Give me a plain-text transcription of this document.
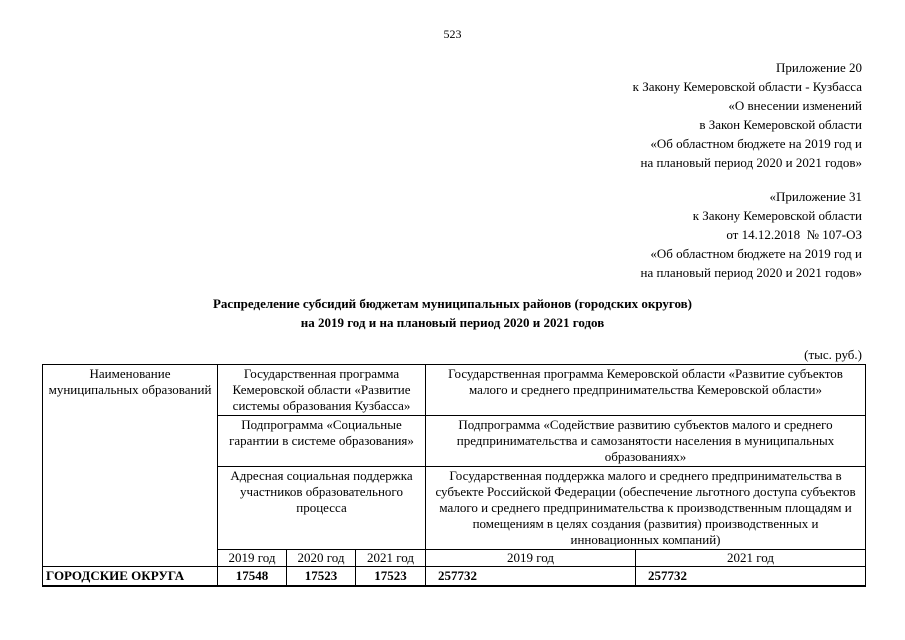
523
Приложение 20
к Закону Кемеровской области - Кузбасса
«О внесении изменений
в Закон Кемеровской области
«Об областном бюджете на 2019 год и
на плановый период 2020 и 2021 годов»
«Приложение 31
к Закону Кемеровской области
от 14.12.2018  № 107-ОЗ
«Об областном бюджете на 2019 год и
на плановый период 2020 и 2021 годов»
Распределение субсидий бюджетам муниципальных районов (городских округов)
на 2019 год и на плановый период 2020 и 2021 годов
(тыс. руб.)
Наименование муниципальных образований	Государственная программа Кемеровской области «Развитие системы образования Кузбасса»			Государственная программа Кемеровской области «Развитие субъектов малого и среднего предпринимательства Кемеровской области»	
	Подпрограмма «Социальные гарантии в системе образования»			Подпрограмма «Содействие развитию субъектов малого и среднего предпринимательства и самозанятости населения в муниципальных образованиях»	
	Адресная социальная поддержка участников образовательного процесса			Государственная поддержка малого и среднего предпринимательства в субъекте Российской Федерации (обеспечение льготного доступа субъектов малого и среднего предпринимательства к производственным площадям и помещениям в целях создания (развития) производственных и инновационных компаний)	
	2019 год	2020 год	2021 год	2019 год	2021 год
ГОРОДСКИЕ ОКРУГА	17548	17523	17523	257732	257732
